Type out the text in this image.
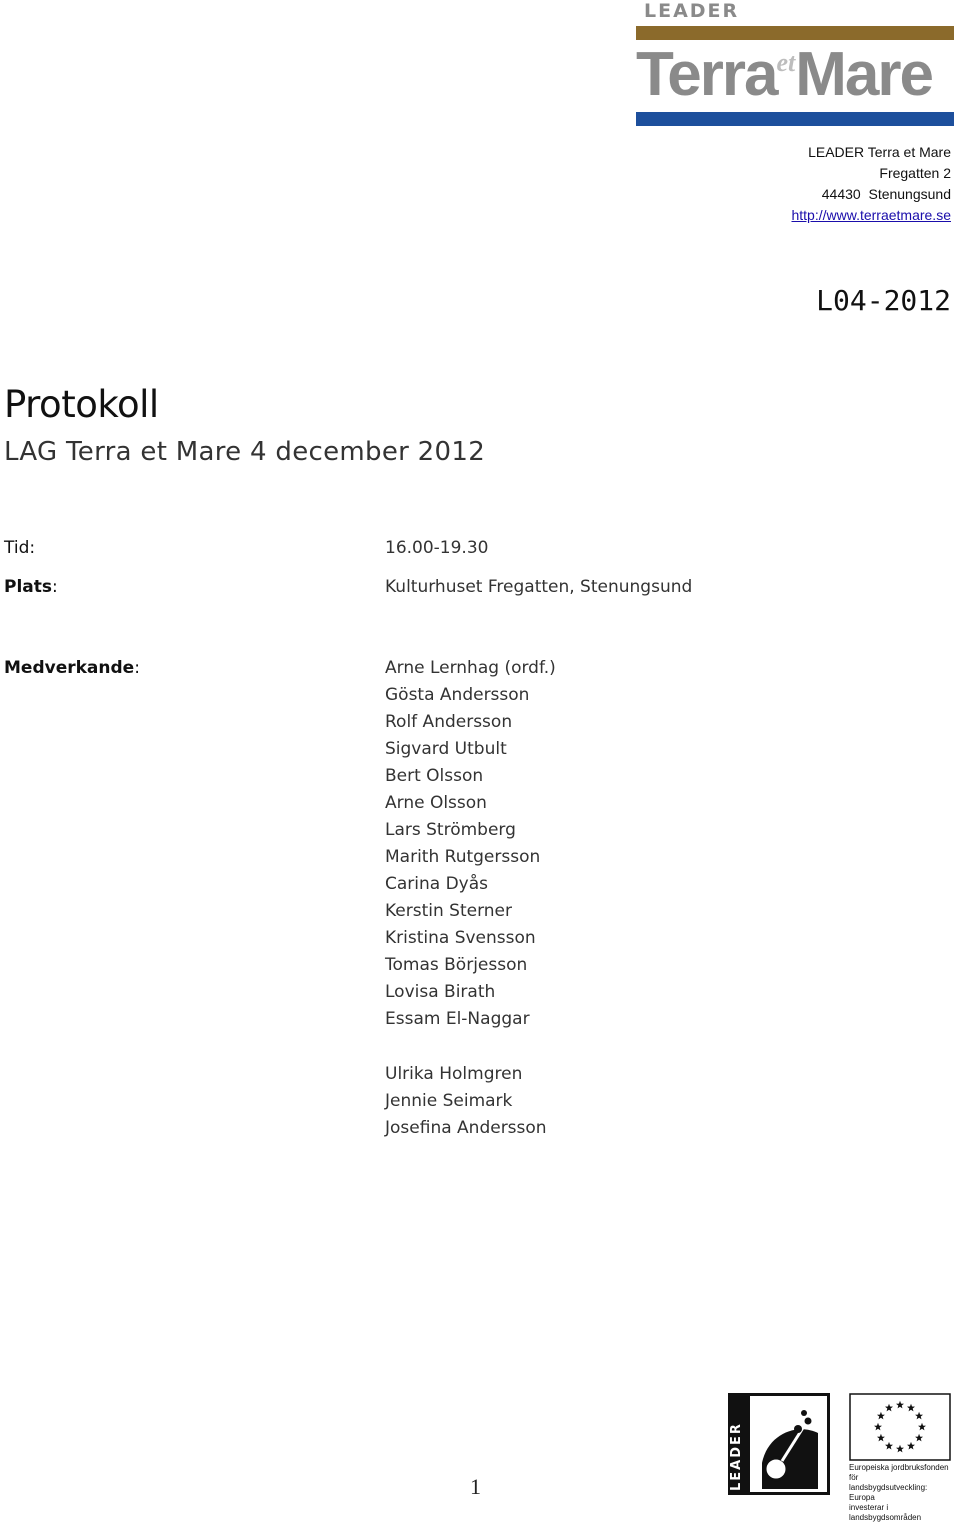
LEADER
Terra$^{et}$Mare
LEADER Terra et Mare
Fregatten 2
44430  Stenungsund
http://www.terraetmare.se
L04-2012
Protokoll
LAG Terra et Mare 4 december 2012
Tid:	16.00-19.30
Plats:	Kulturhuset Fregatten, Stenungsund
Medverkande:	Arne Lernhag (ordf.)
Gösta Andersson
Rolf Andersson
Sigvard Utbult
Bert Olsson
Arne Olsson
Lars Strömberg
Marith Rutgersson
Carina Dyås
Kerstin Sterner
Kristina Svensson
Tomas Börjesson
Lovisa Birath
Essam El-Naggar
Ulrika Holmgren
Jennie Seimark
Josefina Andersson
1	LEADER	Europeiska jordbruksfonden för
landsbygdsutveckling: Europa
investerar i landsbygdsområden
